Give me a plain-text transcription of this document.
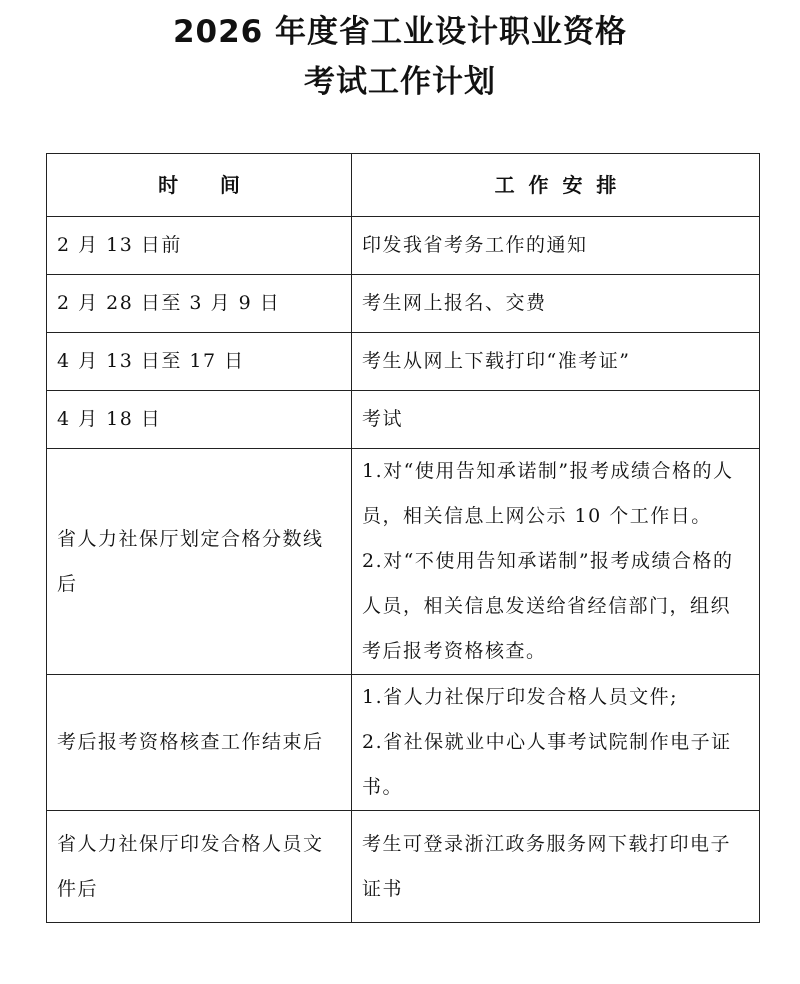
2026 年度省工业设计职业资格
考试工作计划
时      间	工  作  安  排
2 月 13 日前	印发我省考务工作的通知

2 月 28 日至 3 月 9 日	考生网上报名、交费

4 月 13 日至 17 日	考生从网上下载打印“准考证”

4 月 18 日	考试

省人力社保厅划定合格分数线后	1.对“使用告知承诺制”报考成绩合格的人员，相关信息上网公示 10 个工作日。
2.对“不使用告知承诺制”报考成绩合格的人员，相关信息发送给省经信部门，组织考后报考资格核查。

考后报考资格核查工作结束后	1.省人力社保厅印发合格人员文件;
2.省社保就业中心人事考试院制作电子证书。

省人力社保厅印发合格人员文件后	考生可登录浙江政务服务网下载打印电子证书
